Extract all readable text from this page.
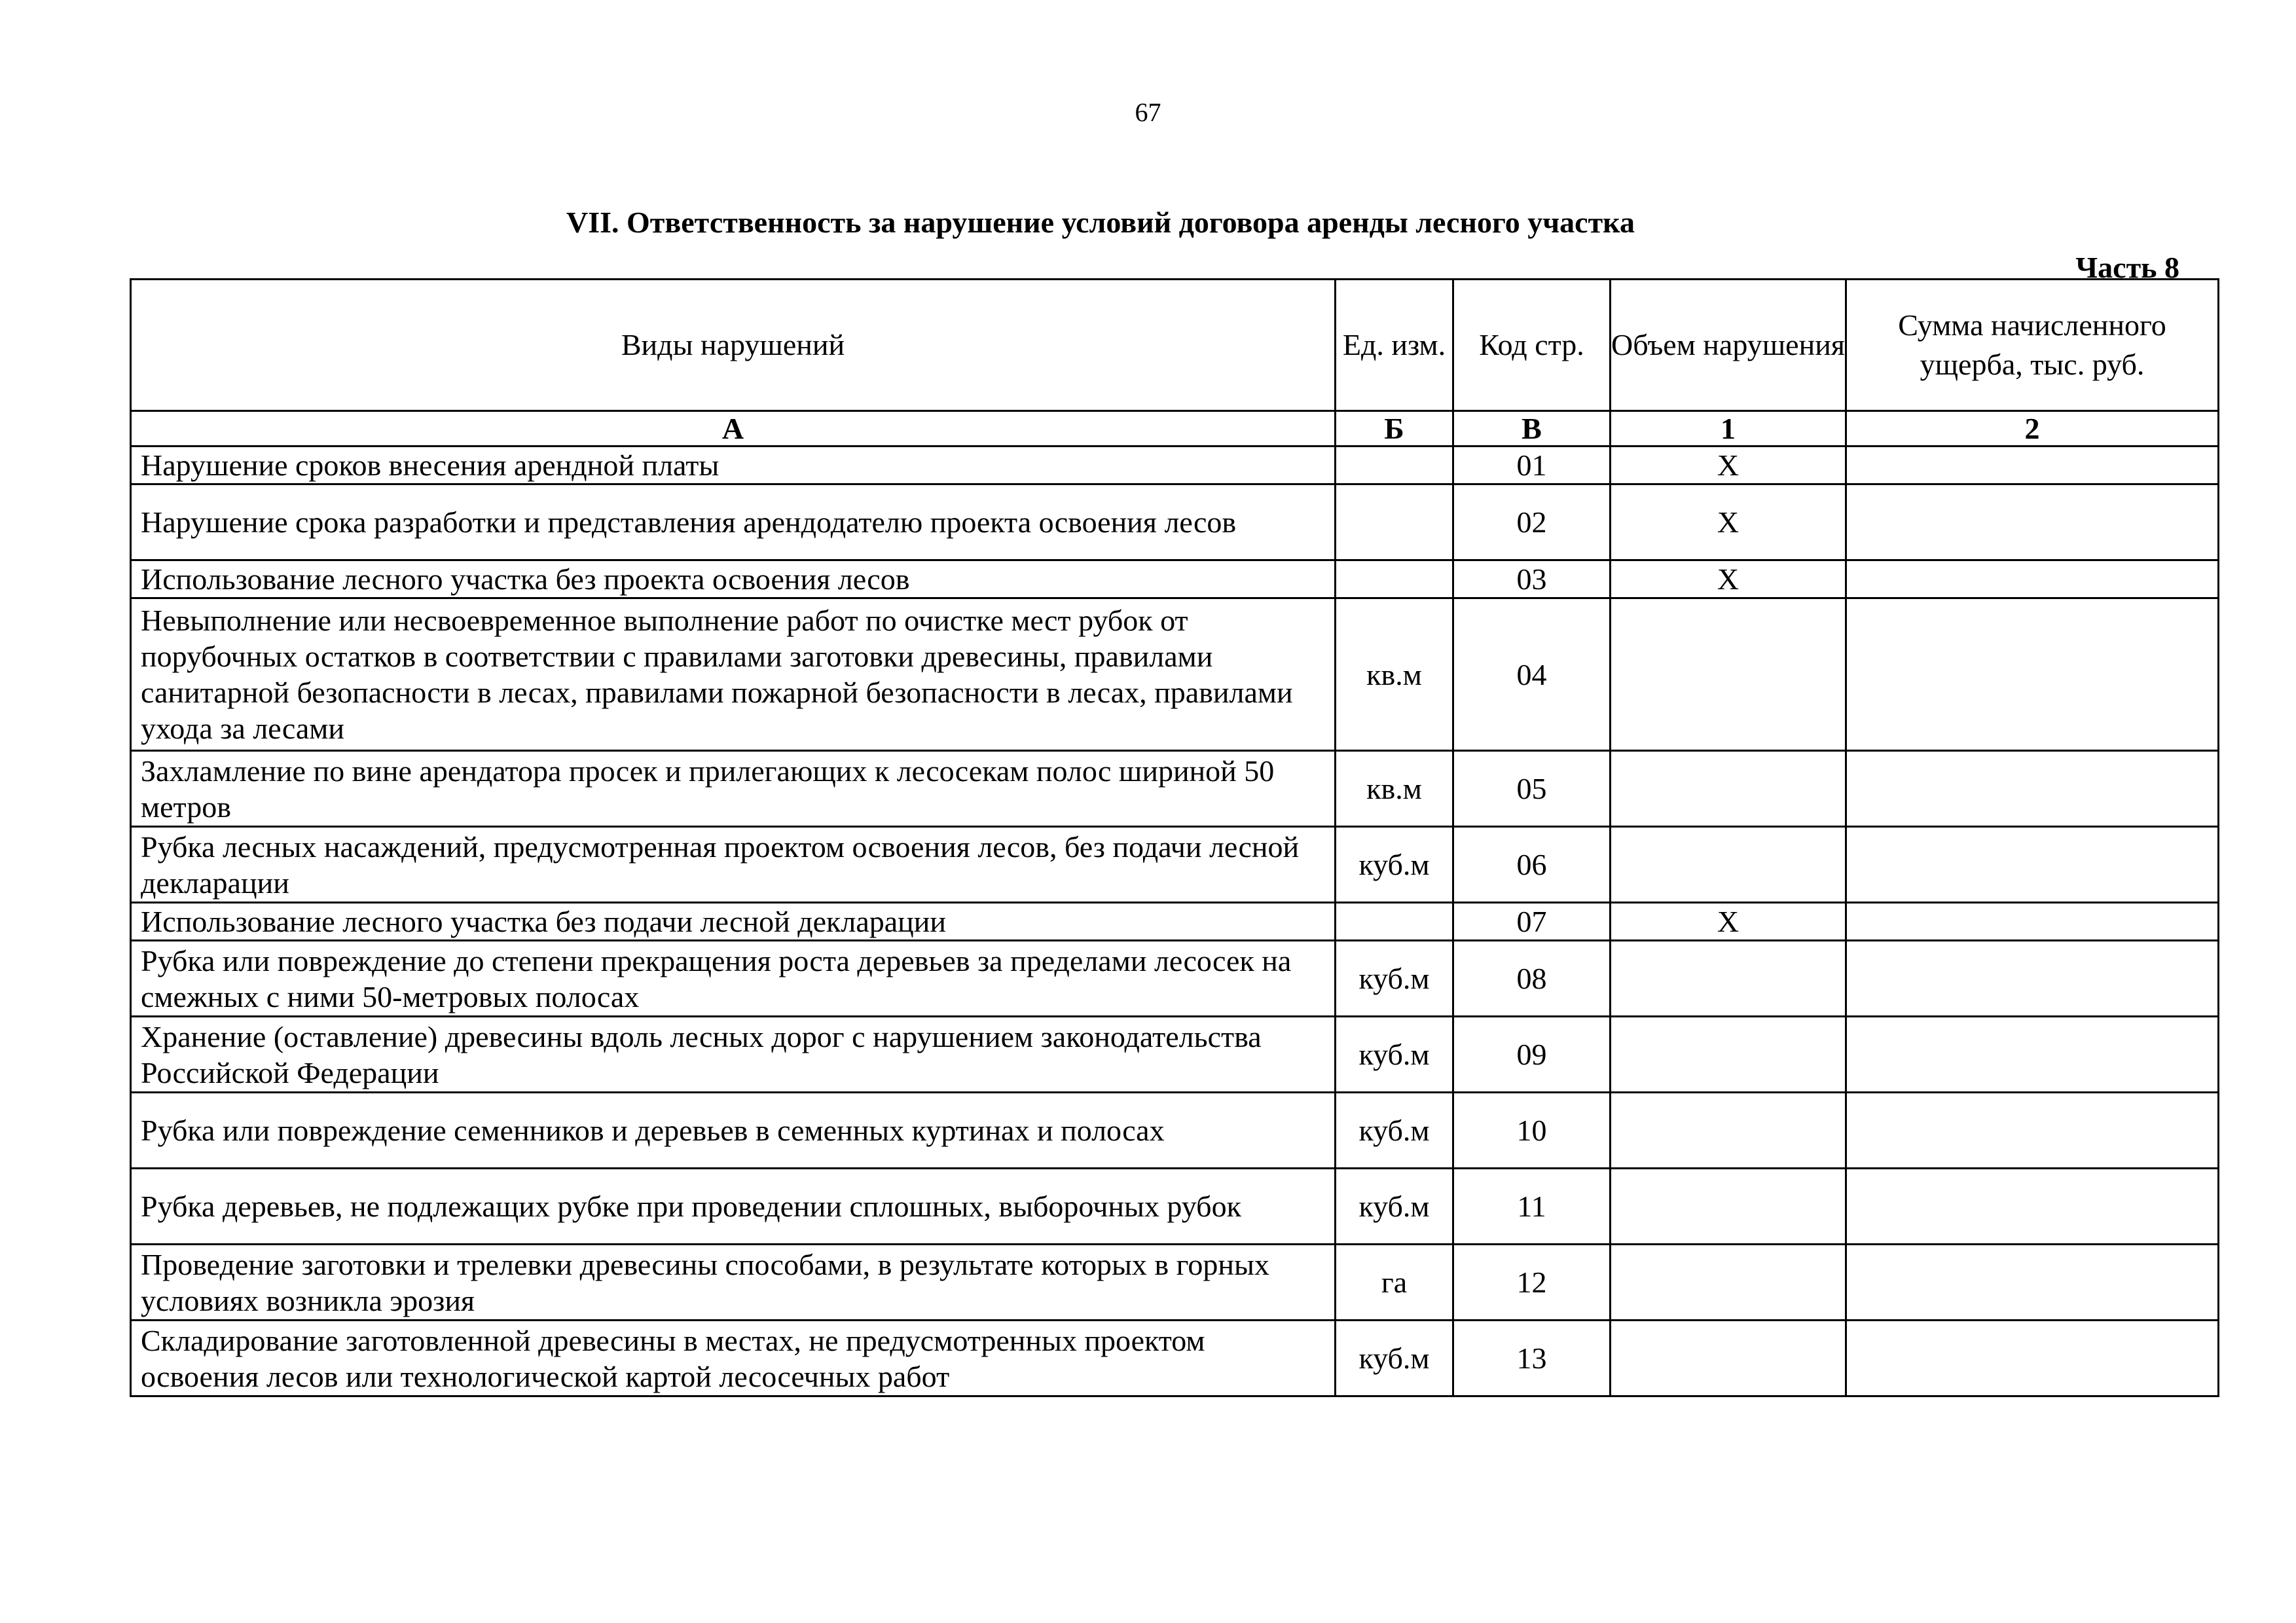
67
VII. Ответственность за нарушение условий договора аренды лесного участка
Часть 8
Виды нарушений	Ед. изм.	Код стр.	Объем нарушения	Сумма начисленного ущерба, тыс. руб.
А	Б	В	1	2
Нарушение сроков внесения арендной платы		01	Х	
Нарушение срока разработки и представления арендодателю проекта освоения лесов		02	Х	
Использование лесного участка без проекта освоения лесов		03	Х	
Невыполнение или несвоевременное выполнение работ по очистке мест рубок от порубочных остатков в соответствии с правилами заготовки древесины, правилами санитарной безопасности в лесах, правилами пожарной безопасности в лесах, правилами ухода за лесами	кв.м	04		
Захламление по вине арендатора просек и прилегающих к лесосекам полос шириной 50 метров	кв.м	05		
Рубка лесных насаждений, предусмотренная проектом освоения лесов, без подачи лесной декларации	куб.м	06		
Использование лесного участка без подачи лесной декларации		07	Х	
Рубка или повреждение до степени прекращения роста деревьев за пределами лесосек на смежных с ними 50-метровых полосах	куб.м	08		
Хранение (оставление) древесины вдоль лесных дорог с нарушением законодательства Российской Федерации	куб.м	09		
Рубка или повреждение семенников и деревьев в семенных куртинах и полосах	куб.м	10		
Рубка деревьев, не подлежащих рубке при проведении сплошных, выборочных рубок	куб.м	11		
Проведение заготовки и трелевки древесины способами, в результате которых в горных условиях возникла эрозия	га	12		
Складирование заготовленной древесины в местах, не предусмотренных проектом освоения лесов или технологической картой лесосечных работ	куб.м	13		
